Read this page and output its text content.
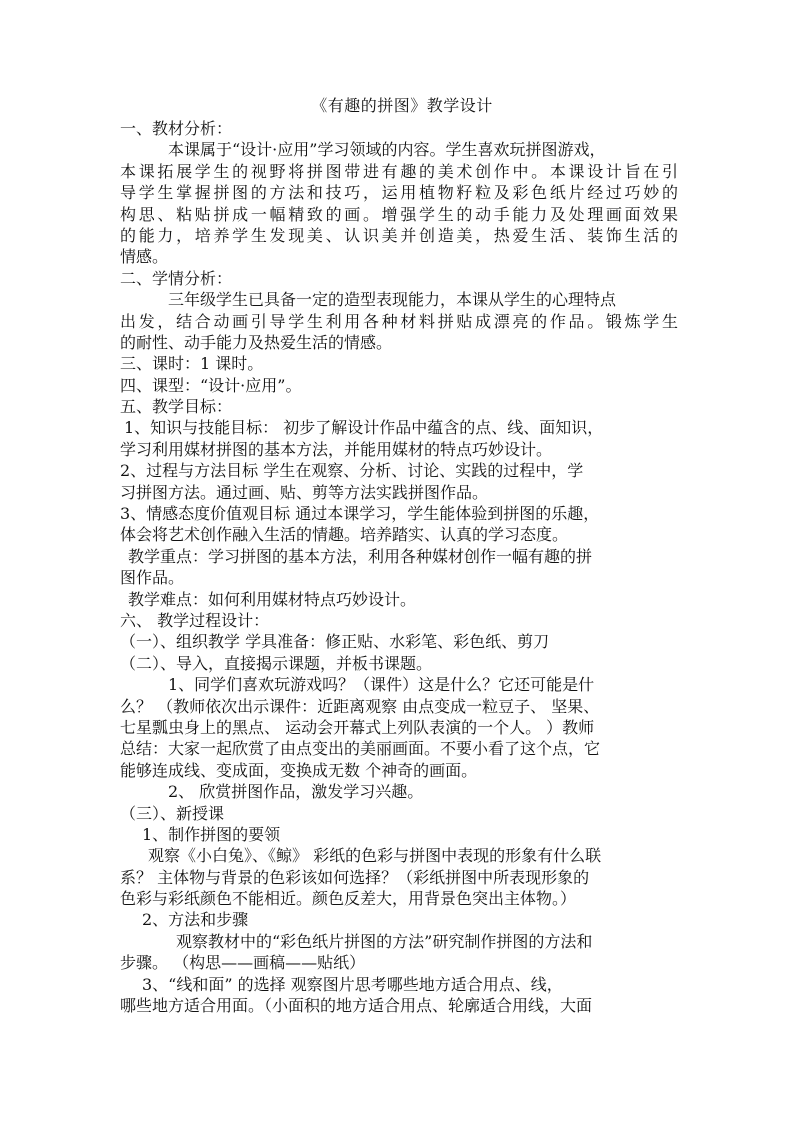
《有趣的拼图》教学设计
一、教材分析：
本课属于“设计·应用”学习领域的内容。学生喜欢玩拼图游戏，
本课拓展学生的视野将拼图带进有趣的美术创作中。本课设计旨在引
导学生掌握拼图的方法和技巧，运用植物籽粒及彩色纸片经过巧妙的
构思、粘贴拼成一幅精致的画。增强学生的动手能力及处理画面效果
的能力，培养学生发现美、认识美并创造美，热爱生活、装饰生活的
情感。
二、学情分析：
三年级学生已具备一定的造型表现能力，本课从学生的心理特点
出发，结合动画引导学生利用各种材料拼贴成漂亮的作品。锻炼学生
的耐性、动手能力及热爱生活的情感。
三、课时：1 课时。
四、课型：“设计·应用”。
五、教学目标：
1、知识与技能目标： 初步了解设计作品中蕴含的点、线、面知识，
学习利用媒材拼图的基本方法，并能用媒材的特点巧妙设计。
2、过程与方法目标 学生在观察、分析、讨论、实践的过程中，学
习拼图方法。通过画、贴、剪等方法实践拼图作品。
3、情感态度价值观目标 通过本课学习，学生能体验到拼图的乐趣，
体会将艺术创作融入生活的情趣。培养踏实、认真的学习态度。
教学重点：学习拼图的基本方法，利用各种媒材创作一幅有趣的拼
图作品。
教学难点：如何利用媒材特点巧妙设计。
六、 教学过程设计：
（一）、组织教学 学具准备：修正贴、水彩笔、彩色纸、剪刀
（二）、导入，直接揭示课题，并板书课题。
1、同学们喜欢玩游戏吗？（课件）这是什么？它还可能是什
么？ （教师依次出示课件：近距离观察 由点变成一粒豆子、 坚果、
七星瓢虫身上的黑点、 运动会开幕式上列队表演的一个人。 ）教师
总结：大家一起欣赏了由点变出的美丽画面。不要小看了这个点，它
能够连成线、变成面，变换成无数 个神奇的画面。
2、 欣赏拼图作品，激发学习兴趣。
（三）、新授课
1、制作拼图的要领
观察《小白兔》、《鲸》 彩纸的色彩与拼图中表现的形象有什么联
系？ 主体物与背景的色彩该如何选择？（彩纸拼图中所表现形象的
色彩与彩纸颜色不能相近。颜色反差大，用背景色突出主体物。）
2、方法和步骤
观察教材中的“彩色纸片拼图的方法”研究制作拼图的方法和
步骤。 （构思——画稿——贴纸）
3、“线和面” 的选择 观察图片思考哪些地方适合用点、线，
哪些地方适合用面。（小面积的地方适合用点、轮廓适合用线，大面
